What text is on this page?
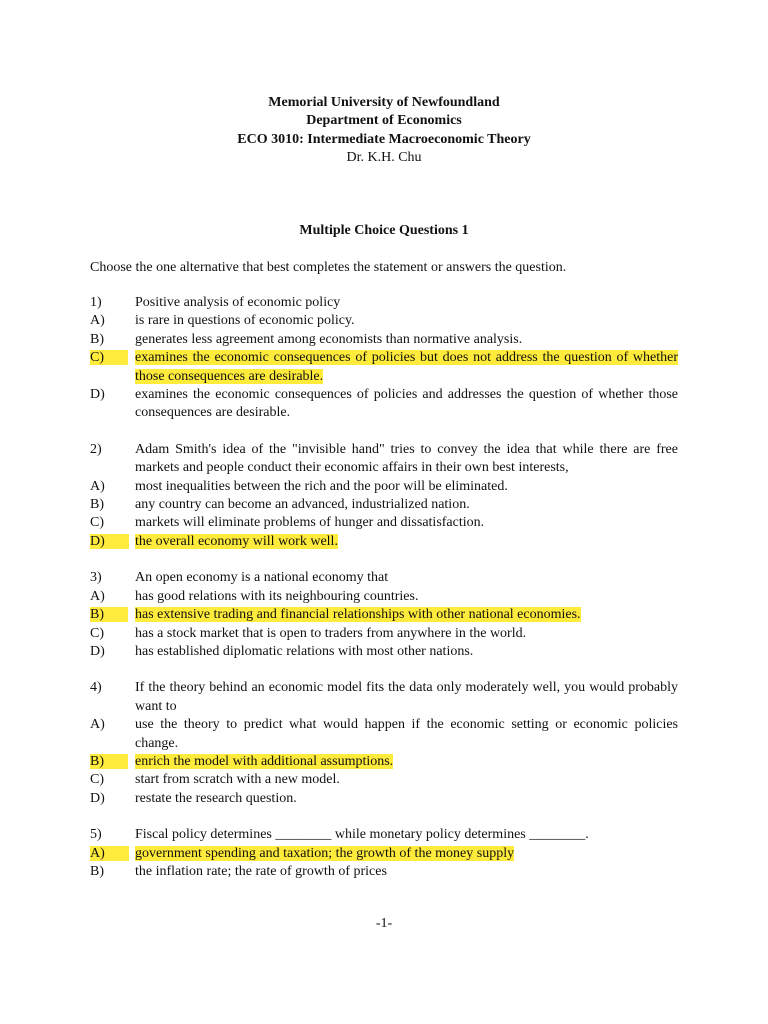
Memorial University of Newfoundland
Department of Economics
ECO 3010: Intermediate Macroeconomic Theory
Dr. K.H. Chu
Multiple Choice Questions 1
Choose the one alternative that best completes the statement or answers the question.
1)	Positive analysis of economic policy
A)	is rare in questions of economic policy.
B)	generates less agreement among economists than normative analysis.
C)	examines the economic consequences of policies but does not address the question of whether those consequences are desirable.
D)	examines the economic consequences of policies and addresses the question of whether those consequences are desirable.
2)	Adam Smith's idea of the "invisible hand" tries to convey the idea that while there are free markets and people conduct their economic affairs in their own best interests,
A)	most inequalities between the rich and the poor will be eliminated.
B)	any country can become an advanced, industrialized nation.
C)	markets will eliminate problems of hunger and dissatisfaction.
D)	the overall economy will work well.
3)	An open economy is a national economy that
A)	has good relations with its neighbouring countries.
B)	has extensive trading and financial relationships with other national economies.
C)	has a stock market that is open to traders from anywhere in the world.
D)	has established diplomatic relations with most other nations.
4)	If the theory behind an economic model fits the data only moderately well, you would probably want to
A)	use the theory to predict what would happen if the economic setting or economic policies change.
B)	enrich the model with additional assumptions.
C)	start from scratch with a new model.
D)	restate the research question.
5)	Fiscal policy determines ________ while monetary policy determines ________.
A)	government spending and taxation; the growth of the money supply
B)	the inflation rate; the rate of growth of prices
-1-
